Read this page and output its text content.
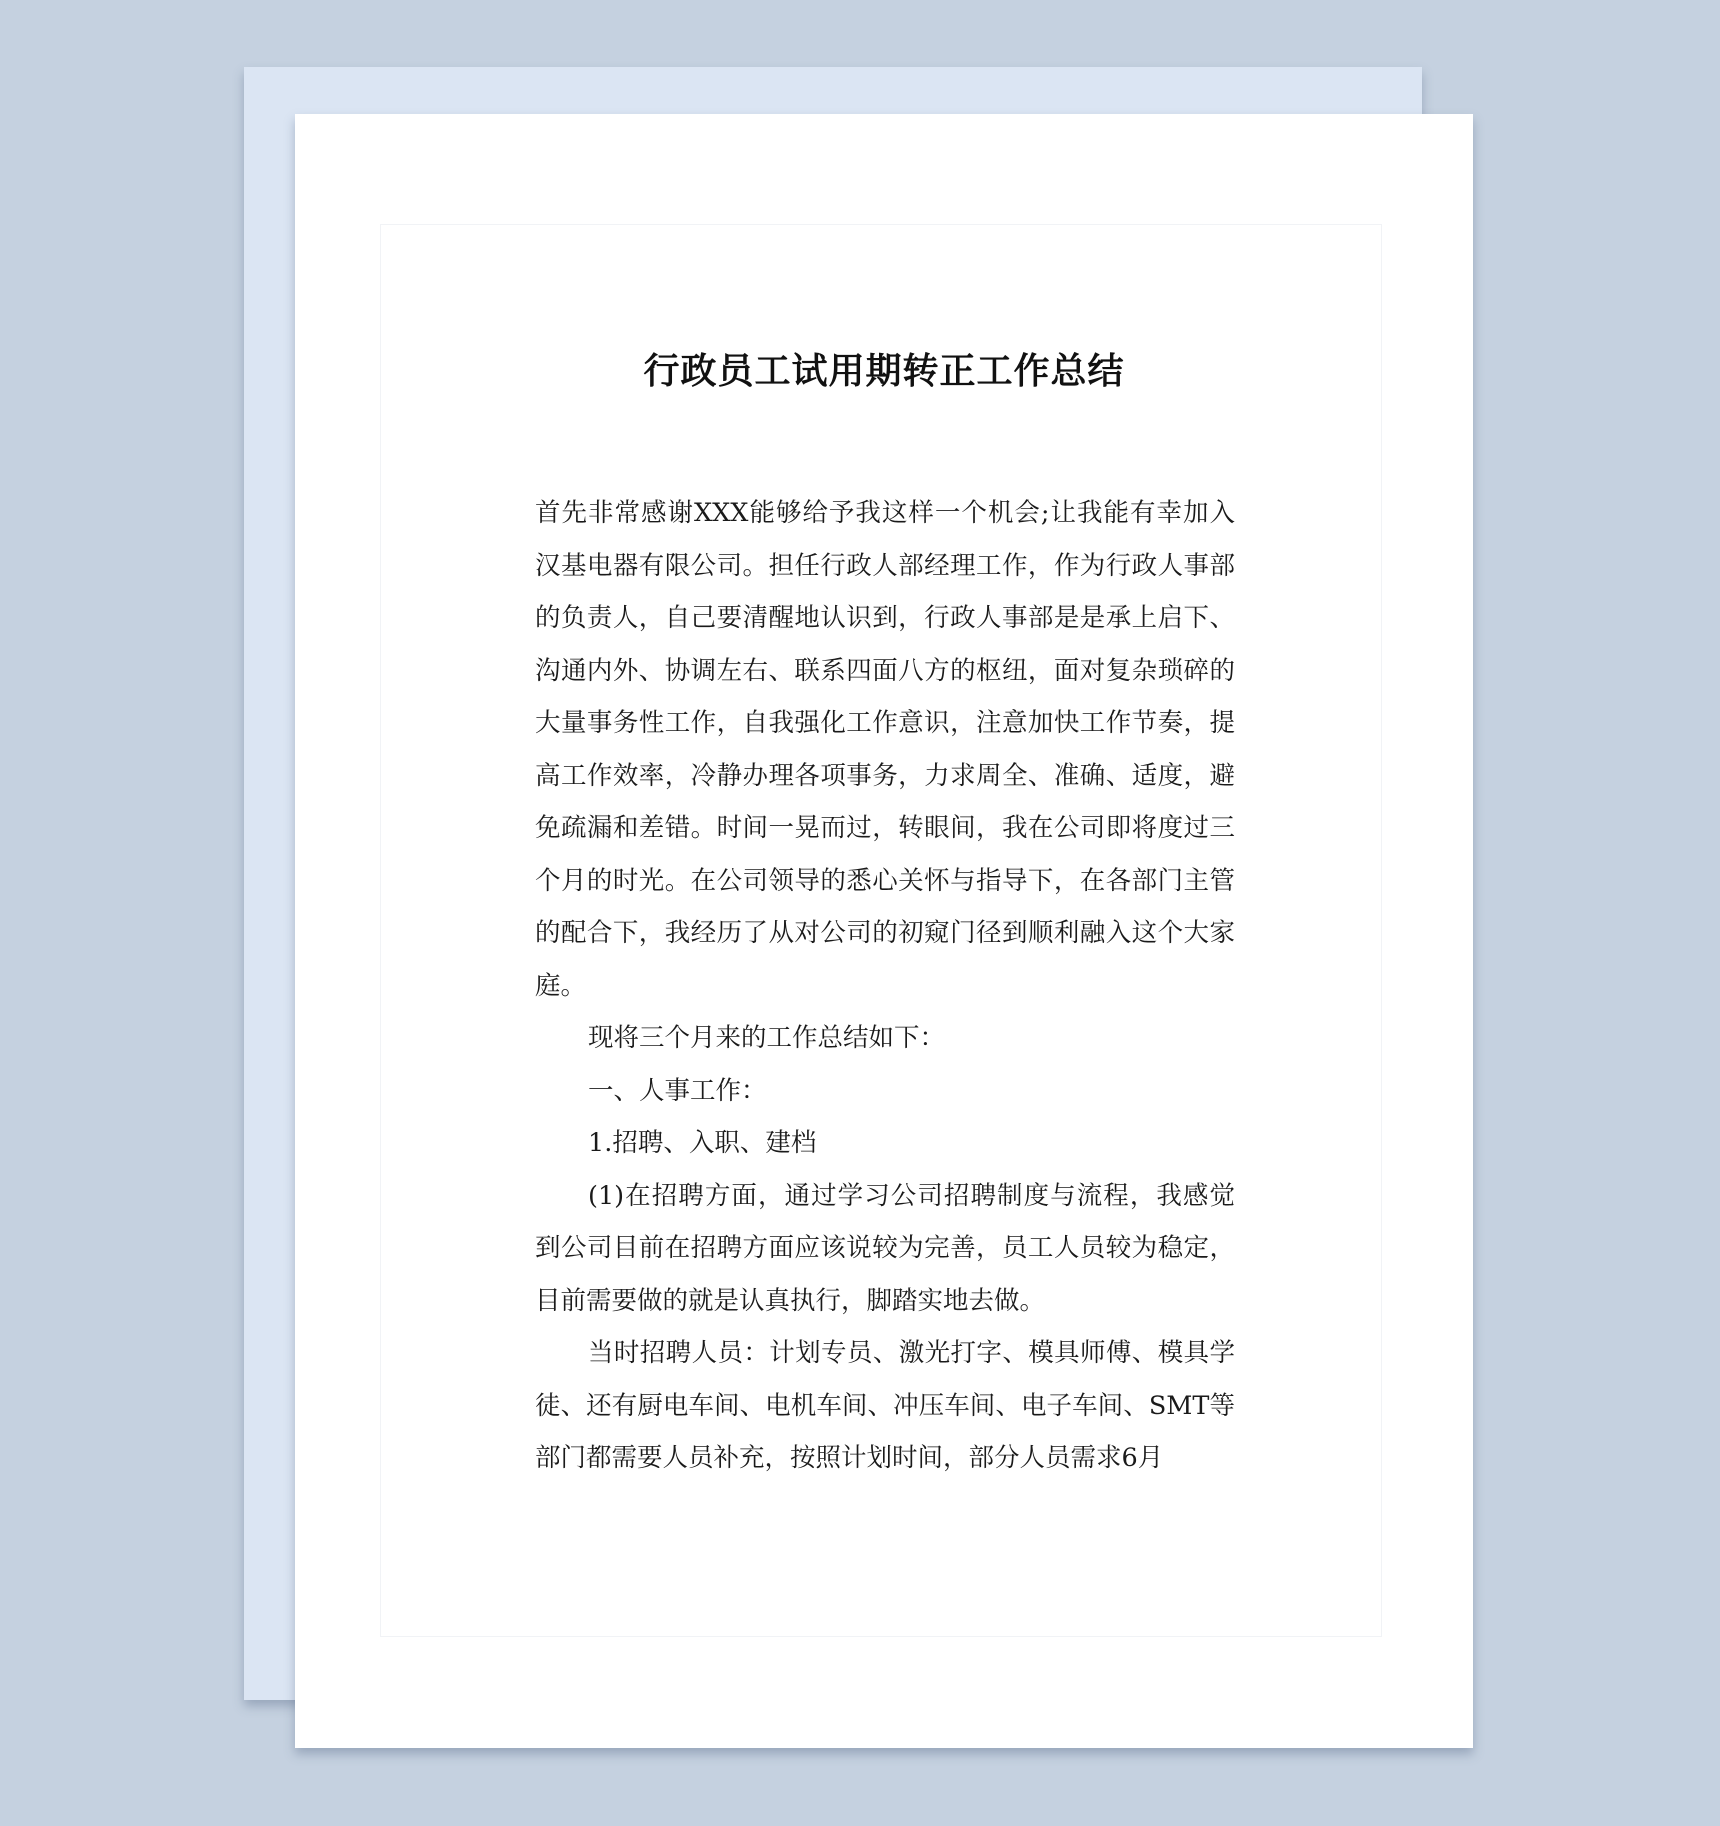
行政员工试用期转正工作总结

首先非常感谢XXX能够给予我这样一个机会;让我能有幸加入汉基电器有限公司。担任行政人部经理工作，作为行政人事部的负责人，自己要清醒地认识到，行政人事部是是承上启下、沟通内外、协调左右、联系四面八方的枢纽，面对复杂琐碎的大量事务性工作，自我强化工作意识，注意加快工作节奏，提高工作效率，冷静办理各项事务，力求周全、准确、适度，避免疏漏和差错。时间一晃而过，转眼间，我在公司即将度过三个月的时光。在公司领导的悉心关怀与指导下，在各部门主管的配合下，我经历了从对公司的初窥门径到顺利融入这个大家庭。

现将三个月来的工作总结如下：

一、人事工作：

1.招聘、入职、建档

(1)在招聘方面，通过学习公司招聘制度与流程，我感觉到公司目前在招聘方面应该说较为完善，员工人员较为稳定，目前需要做的就是认真执行，脚踏实地去做。

当时招聘人员：计划专员、激光打字、模具师傅、模具学徒、还有厨电车间、电机车间、冲压车间、电子车间、SMT等部门都需要人员补充，按照计划时间，部分人员需求6月
